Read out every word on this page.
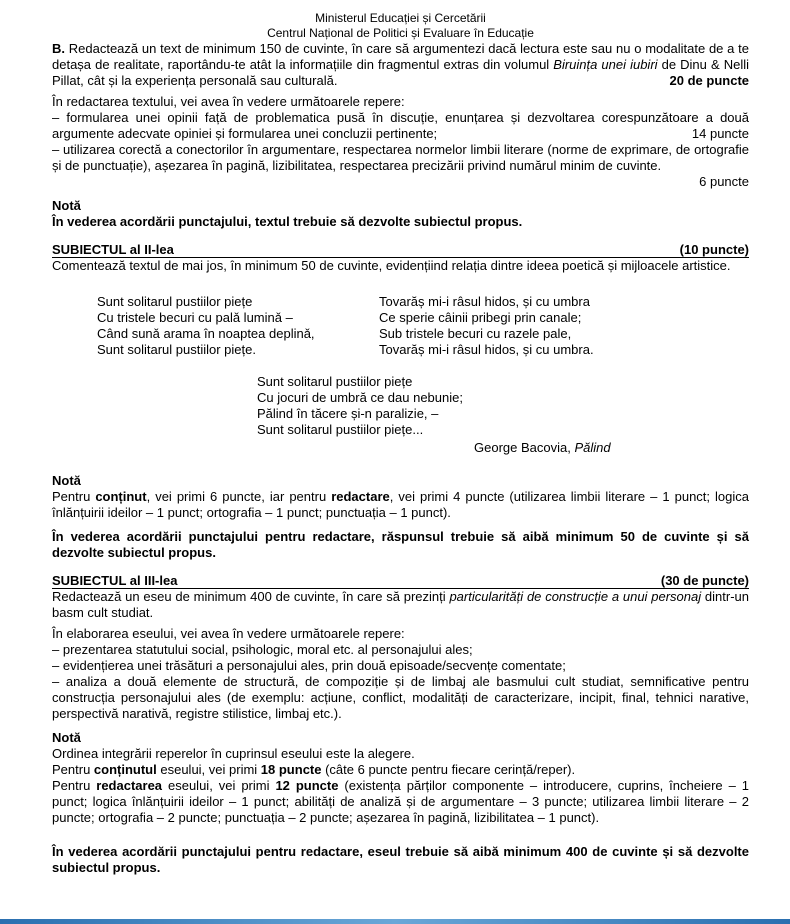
Ministerul Educației și Cercetării
Centrul Național de Politici și Evaluare în Educație

B. Redactează un text de minimum 150 de cuvinte, în care să argumentezi dacă lectura este sau nu o modalitate de a te detașa de realitate, raportându-te atât la informațiile din fragmentul extras din volumul Biruința unei iubiri de Dinu & Nelli Pillat, cât și la experiența personală sau culturală.	20 de puncte

În redactarea textului, vei avea în vedere următoarele repere:

– formularea unei opinii față de problematica pusă în discuție, enunțarea și dezvoltarea corespunzătoare a două argumente adecvate opiniei și formularea unei concluzii pertinente;	14 puncte

– utilizarea corectă a conectorilor în argumentare, respectarea normelor limbii literare (norme de exprimare, de ortografie și de punctuație), așezarea în pagină, lizibilitatea, respectarea precizării privind numărul minim de cuvinte.

6 puncte
Notă
În vederea acordării punctajului, textul trebuie să dezvolte subiectul propus.
SUBIECTUL al II-lea	(10 puncte)

Comentează textul de mai jos, în minimum 50 de cuvinte, evidențiind relația dintre ideea poetică și mijloacele artistice.

Sunt solitarul pustiilor piețe
Cu tristele becuri cu palǎ luminǎ –
Când sunǎ arama în noaptea deplinǎ,
Sunt solitarul pustiilor piețe.
Tovarăș mi-i râsul hidos, și cu umbra
Ce sperie câinii pribegi prin canale;
Sub tristele becuri cu razele pale,
Tovarăș mi-i râsul hidos, și cu umbra.
Sunt solitarul pustiilor piețe
Cu jocuri de umbră ce dau nebunie;
Pălind în tăcere și-n paralizie, –
Sunt solitarul pustiilor piețe...
George Bacovia, Pălind
Notă

Pentru conținut, vei primi 6 puncte, iar pentru redactare, vei primi 4 puncte (utilizarea limbii literare – 1 punct; logica înlănțuirii ideilor – 1 punct; ortografia – 1 punct; punctuația – 1 punct).

În vederea acordării punctajului pentru redactare, răspunsul trebuie să aibă minimum 50 de cuvinte și să dezvolte subiectul propus.

SUBIECTUL al III-lea	(30 de puncte)

Redactează un eseu de minimum 400 de cuvinte, în care să prezinți particularități de construcție a unui personaj dintr-un basm cult studiat.

În elaborarea eseului, vei avea în vedere următoarele repere:

– prezentarea statutului social, psihologic, moral etc. al personajului ales;

– evidențierea unei trăsături a personajului ales, prin două episoade/secvențe comentate;

– analiza a două elemente de structură, de compoziție și de limbaj ale basmului cult studiat, semnificative pentru construcția personajului ales (de exemplu: acțiune, conflict, modalități de caracterizare, incipit, final, tehnici narative, perspectivă narativă, registre stilistice, limbaj etc.).

Notă

Ordinea integrării reperelor în cuprinsul eseului este la alegere.

Pentru conținutul eseului, vei primi 18 puncte (câte 6 puncte pentru fiecare cerință/reper).

Pentru redactarea eseului, vei primi 12 puncte (existența părților componente – introducere, cuprins, încheiere – 1 punct; logica înlănțuirii ideilor – 1 punct; abilități de analiză și de argumentare – 3 puncte; utilizarea limbii literare – 2 puncte; ortografia – 2 puncte; punctuația – 2 puncte; așezarea în pagină, lizibilitatea – 1 punct).

În vederea acordării punctajului pentru redactare, eseul trebuie să aibă minimum 400 de cuvinte și să dezvolte subiectul propus.
